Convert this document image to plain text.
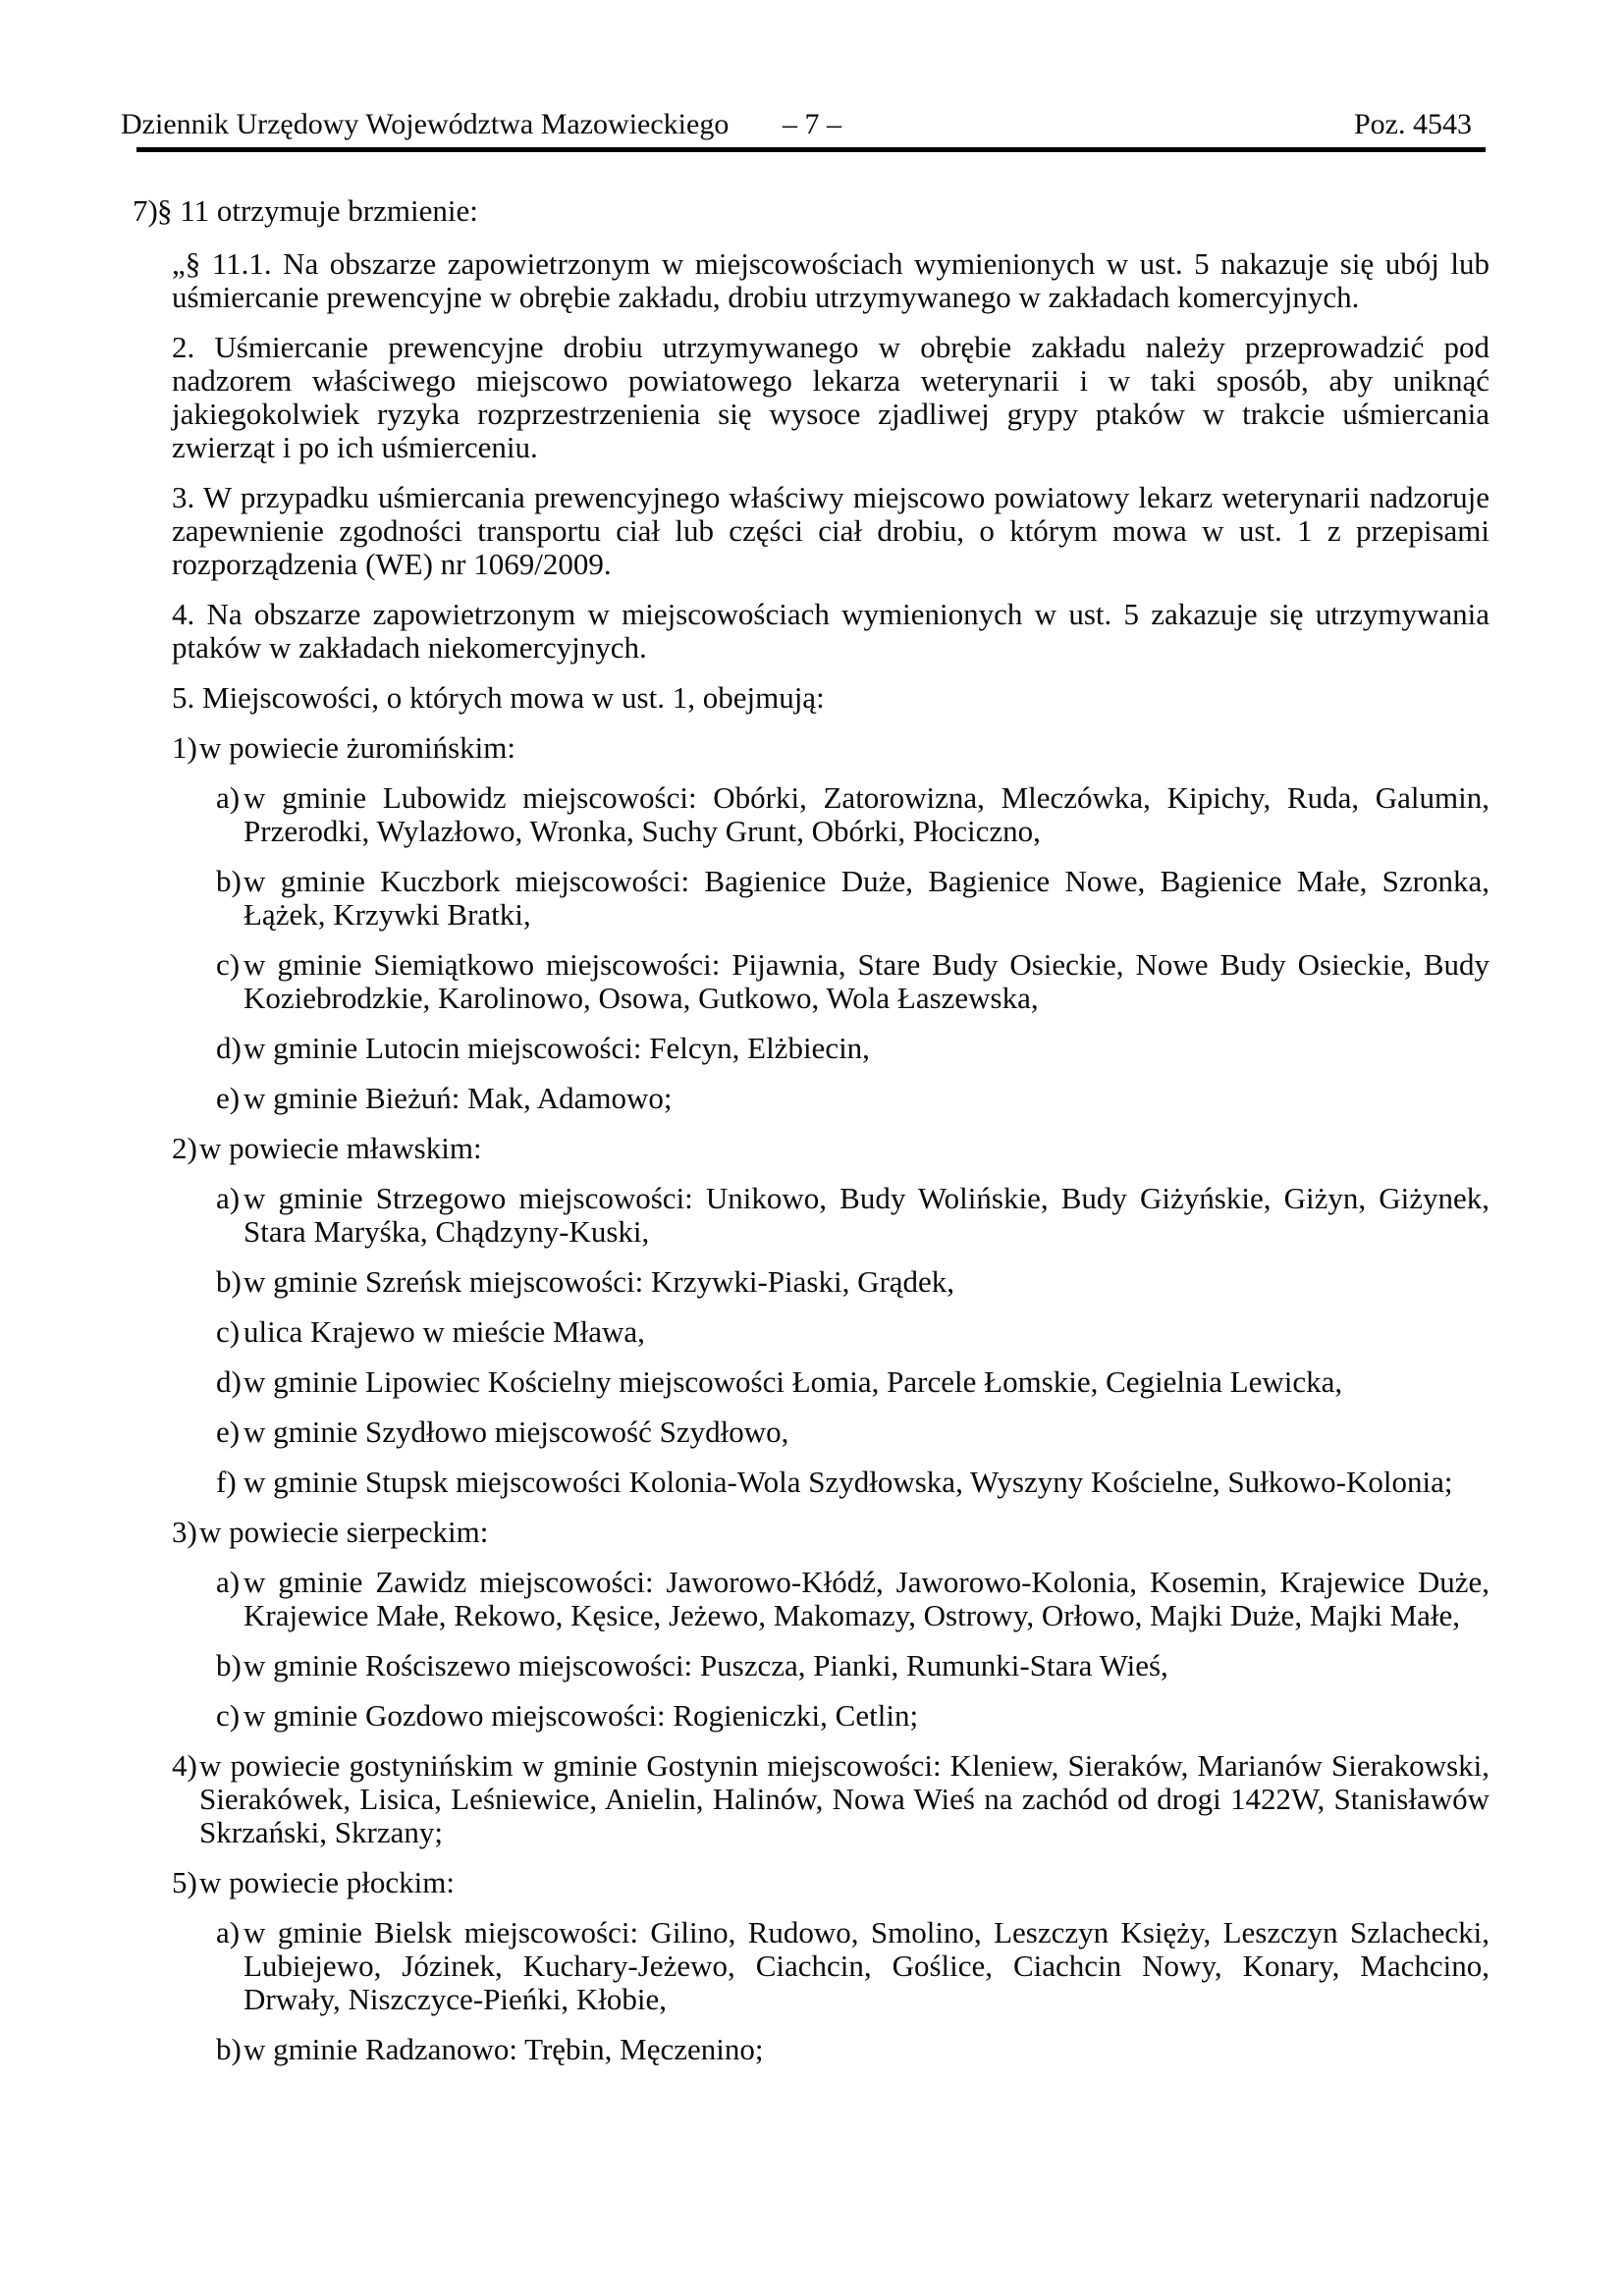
Dziennik Urzędowy Województwa Mazowieckiego	– 7 –	Poz. 4543
7) § 11 otrzymuje brzmienie:
„§ 11.1. Na obszarze zapowietrzonym w miejscowościach wymienionych w ust. 5 nakazuje się ubój lub uśmiercanie prewencyjne w obrębie zakładu, drobiu utrzymywanego w zakładach komercyjnych.
2. Uśmiercanie prewencyjne drobiu utrzymywanego w obrębie zakładu należy przeprowadzić pod nadzorem właściwego miejscowo powiatowego lekarza weterynarii i w taki sposób, aby uniknąć jakiegokolwiek ryzyka rozprzestrzenienia się wysoce zjadliwej grypy ptaków w trakcie uśmiercania zwierząt i po ich uśmierceniu.
3. W przypadku uśmiercania prewencyjnego właściwy miejscowo powiatowy lekarz weterynarii nadzoruje zapewnienie zgodności transportu ciał lub części ciał drobiu, o którym mowa w ust. 1 z przepisami rozporządzenia (WE) nr 1069/2009.
4. Na obszarze zapowietrzonym w miejscowościach wymienionych w ust. 5 zakazuje się utrzymywania ptaków w zakładach niekomercyjnych.
5. Miejscowości, o których mowa w ust. 1, obejmują:
1) w powiecie żuromińskim:
a) w gminie Lubowidz miejscowości: Obórki, Zatorowizna, Mleczówka, Kipichy, Ruda, Galumin, Przerodki, Wylazłowo, Wronka, Suchy Grunt, Obórki, Płociczno,
b) w gminie Kuczbork miejscowości: Bagienice Duże, Bagienice Nowe, Bagienice Małe, Szronka, Łążek, Krzywki Bratki,
c) w gminie Siemiątkowo miejscowości: Pijawnia, Stare Budy Osieckie, Nowe Budy Osieckie, Budy Koziebrodzkie, Karolinowo, Osowa, Gutkowo, Wola Łaszewska,
d) w gminie Lutocin miejscowości: Felcyn, Elżbiecin,
e) w gminie Bieżuń: Mak, Adamowo;
2) w powiecie mławskim:
a) w gminie Strzegowo miejscowości: Unikowo, Budy Wolińskie, Budy Giżyńskie, Giżyn, Giżynek, Stara Maryśka, Chądzyny-Kuski,
b) w gminie Szreńsk miejscowości: Krzywki-Piaski, Grądek,
c) ulica Krajewo w mieście Mława,
d) w gminie Lipowiec Kościelny miejscowości Łomia, Parcele Łomskie, Cegielnia Lewicka,
e) w gminie Szydłowo miejscowość Szydłowo,
f) w gminie Stupsk miejscowości Kolonia-Wola Szydłowska, Wyszyny Kościelne, Sułkowo-Kolonia;
3) w powiecie sierpeckim:
a) w gminie Zawidz miejscowości: Jaworowo-Kłódź, Jaworowo-Kolonia, Kosemin, Krajewice Duże, Krajewice Małe, Rekowo, Kęsice, Jeżewo, Makomazy, Ostrowy, Orłowo, Majki Duże, Majki Małe,
b) w gminie Rościszewo miejscowości: Puszcza, Pianki, Rumunki-Stara Wieś,
c) w gminie Gozdowo miejscowości: Rogieniczki, Cetlin;
4) w powiecie gostynińskim w gminie Gostynin miejscowości: Kleniew, Sieraków, Marianów Sierakowski, Sierakówek, Lisica, Leśniewice, Anielin, Halinów, Nowa Wieś na zachód od drogi 1422W, Stanisławów Skrzański, Skrzany;
5) w powiecie płockim:
a) w gminie Bielsk miejscowości: Gilino, Rudowo, Smolino, Leszczyn Księży, Leszczyn Szlachecki, Lubiejewo, Józinek, Kuchary-Jeżewo, Ciachcin, Goślice, Ciachcin Nowy, Konary, Machcino, Drwały, Niszczyce-Pieńki, Kłobie,
b) w gminie Radzanowo: Trębin, Męczenino;
